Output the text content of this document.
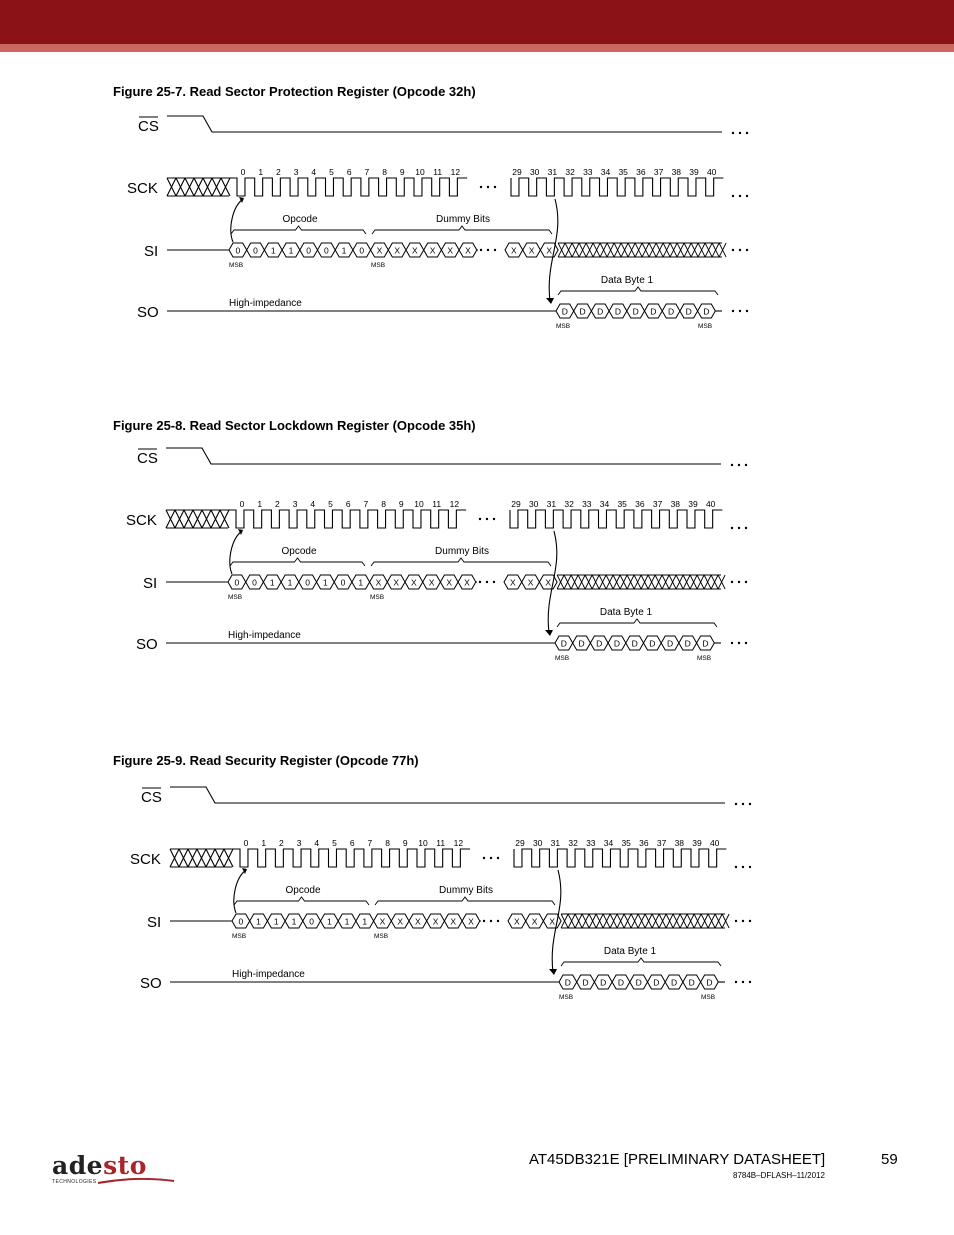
Figure 25-7. Read Sector Protection Register (Opcode 32h)
CS
SCK
SI
SO
0 1 2 3 4 5 6 7 8 9 10 11 12	29 30 31 32 33 34 35 36 37 38 39 40
Opcode	Dummy Bits
0 0 1 1 0 0 1 0 X X X X X X	X X X
MSB	MSB
High-impedance
Data Byte 1
D D D D D D D D D
MSB	MSB
Figure 25-8. Read Sector Lockdown Register (Opcode 35h)
CS
SCK
SI
SO
0 1 2 3 4 5 6 7 8 9 10 11 12	29 30 31 32 33 34 35 36 37 38 39 40
Opcode	Dummy Bits
0 0 1 1 0 1 0 1 X X X X X X	X X X
MSB	MSB
High-impedance
Data Byte 1
D D D D D D D D D
MSB	MSB
Figure 25-9. Read Security Register (Opcode 77h)
CS
SCK
SI
SO
0 1 2 3 4 5 6 7 8 9 10 11 12	29 30 31 32 33 34 35 36 37 38 39 40
Opcode	Dummy Bits
0 1 1 1 0 1 1 1 X X X X X X	X X X
MSB	MSB
High-impedance
Data Byte 1
D D D D D D D D D
MSB	MSB
adesto
TECHNOLOGIES
AT45DB321E [PRELIMINARY DATASHEET]	59
8784B–DFLASH–11/2012
